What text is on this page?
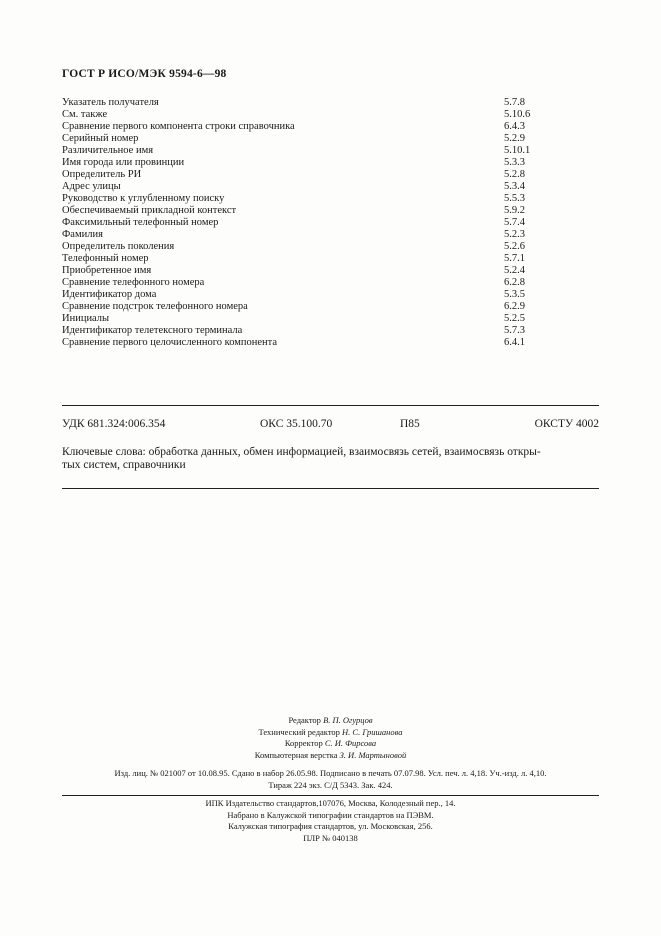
ГОСТ Р ИСО/МЭК 9594-6—98
Указатель получателя	5.7.8
См. также	5.10.6
Сравнение первого компонента строки справочника	6.4.3
Серийный номер	5.2.9
Различительное имя	5.10.1
Имя города или провинции	5.3.3
Определитель РИ	5.2.8
Адрес улицы	5.3.4
Руководство к углубленному поиску	5.5.3
Обеспечиваемый прикладной контекст	5.9.2
Факсимильный телефонный номер	5.7.4
Фамилия	5.2.3
Определитель поколения	5.2.6
Телефонный номер	5.7.1
Приобретенное имя	5.2.4
Сравнение телефонного номера	6.2.8
Идентификатор дома	5.3.5
Сравнение подстрок телефонного номера	6.2.9
Инициалы	5.2.5
Идентификатор телетексного терминала	5.7.3
Сравнение первого целочисленного компонента	6.4.1
УДК 681.324:006.354	ОКС 35.100.70	П85	ОКСТУ 4002
Ключевые слова: обработка данных, обмен информацией, взаимосвязь сетей, взаимосвязь откры-
тых систем, справочники
Редактор В. П. Огурцов
Технический редактор Н. С. Гришанова
Корректор С. И. Фирсова
Компьютерная верстка З. И. Мартыновой
Изд. лиц. № 021007 от 10.08.95. Сдано в набор 26.05.98. Подписано в печать 07.07.98. Усл. печ. л. 4,18. Уч.-изд. л. 4,10.
Тираж 224 экз. С/Д 5343. Зак. 424.
ИПК Издательство стандартов,107076, Москва, Колодезный пер., 14.
Набрано в Калужской типографии стандартов на ПЭВМ.
Калужская типография стандартов, ул. Московская, 256.
ПЛР № 040138
